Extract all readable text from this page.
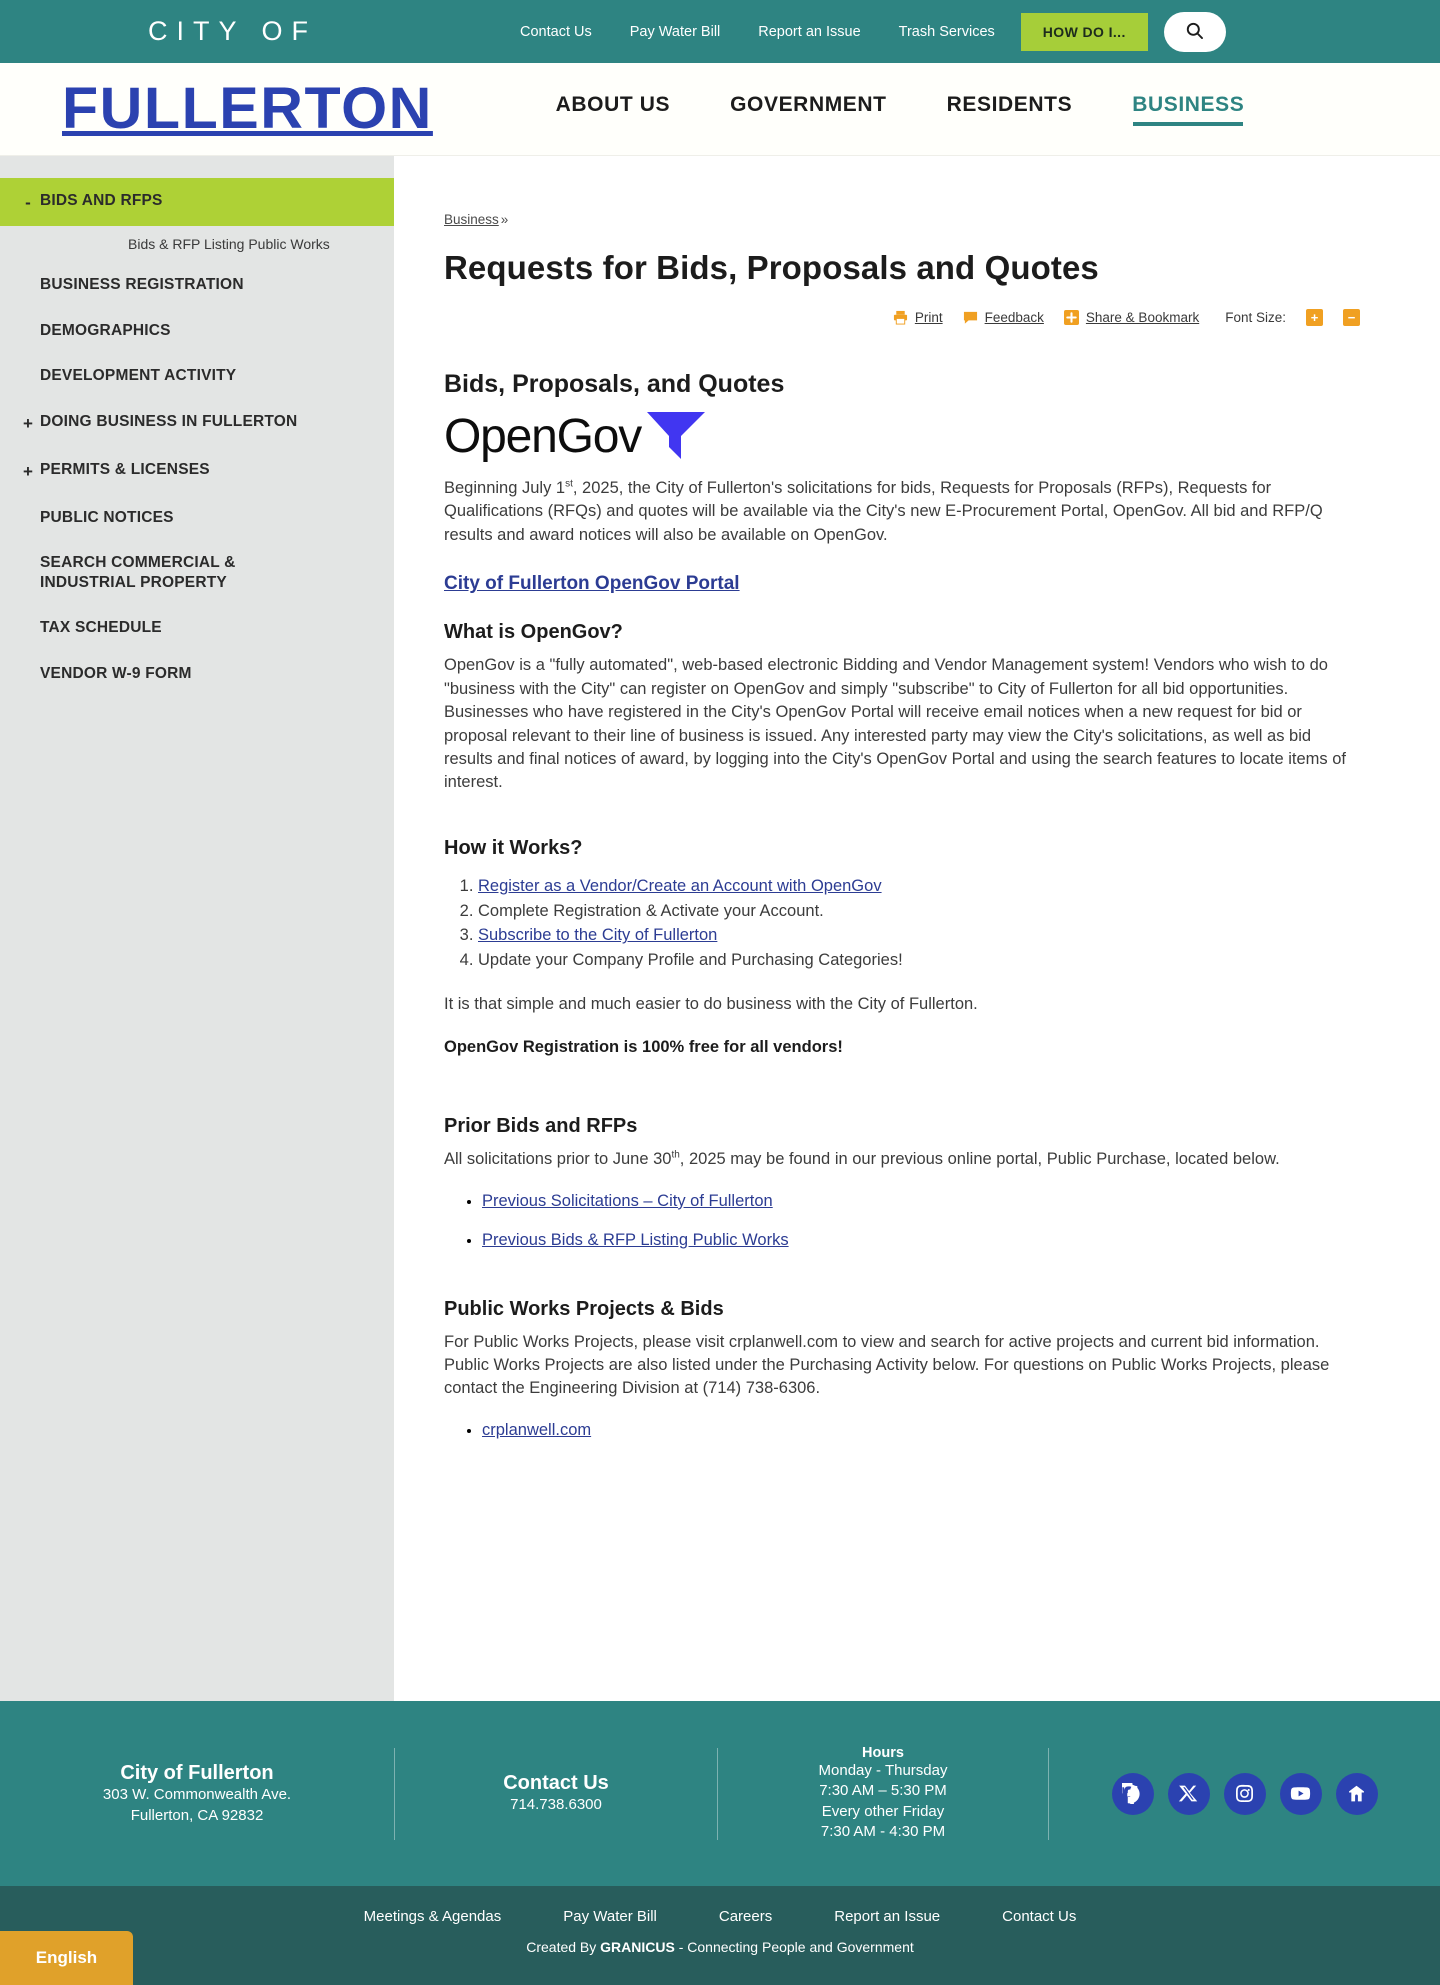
CITY OF	Contact Us	Pay Water Bill	Report an Issue	Trash Services	HOW DO I...
FULLERTON	ABOUT US	GOVERNMENT	RESIDENTS	BUSINESS
- BIDS AND RFPS
Bids & RFP Listing Public Works
BUSINESS REGISTRATION
DEMOGRAPHICS
DEVELOPMENT ACTIVITY
+ DOING BUSINESS IN FULLERTON
+ PERMITS & LICENSES
PUBLIC NOTICES
SEARCH COMMERCIAL & INDUSTRIAL PROPERTY
TAX SCHEDULE
VENDOR W-9 FORM
Business »
Requests for Bids, Proposals and Quotes
Print	Feedback	Share & Bookmark Font Size:	+	−
Bids, Proposals, and Quotes
OpenGov

Beginning July 1st, 2025, the City of Fullerton's solicitations for bids, Requests for Proposals (RFPs), Requests for Qualifications (RFQs) and quotes will be available via the City's new E-Procurement Portal, OpenGov. All bid and RFP/Q results and award notices will also be available on OpenGov.

City of Fullerton OpenGov Portal
What is OpenGov?

OpenGov is a "fully automated", web-based electronic Bidding and Vendor Management system! Vendors who wish to do "business with the City" can register on OpenGov and simply "subscribe" to City of Fullerton for all bid opportunities. Businesses who have registered in the City's OpenGov Portal will receive email notices when a new request for bid or proposal relevant to their line of business is issued. Any interested party may view the City's solicitations, as well as bid results and final notices of award, by logging into the City's OpenGov Portal and using the search features to locate items of interest.

How it Works?
1. Register as a Vendor/Create an Account with OpenGov
2. Complete Registration & Activate your Account.
3. Subscribe to the City of Fullerton
4. Update your Company Profile and Purchasing Categories!

It is that simple and much easier to do business with the City of Fullerton.

OpenGov Registration is 100% free for all vendors!

Prior Bids and RFPs

All solicitations prior to June 30th, 2025 may be found in our previous online portal, Public Purchase, located below.

• Previous Solicitations – City of Fullerton
• Previous Bids & RFP Listing Public Works
Public Works Projects & Bids

For Public Works Projects, please visit crplanwell.com to view and search for active projects and current bid information. Public Works Projects are also listed under the Purchasing Activity below. For questions on Public Works Projects, please contact the Engineering Division at (714) 738-6306.

• crplanwell.com
City of Fullerton
303 W. Commonwealth Ave.
Fullerton, CA 92832
Contact Us
714.738.6300
Hours
Monday - Thursday
7:30 AM – 5:30 PM
Every other Friday
7:30 AM - 4:30 PM
Meetings & Agendas	Pay Water Bill	Careers	Report an Issue	Contact Us
Created By GRANICUS - Connecting People and Government
English
